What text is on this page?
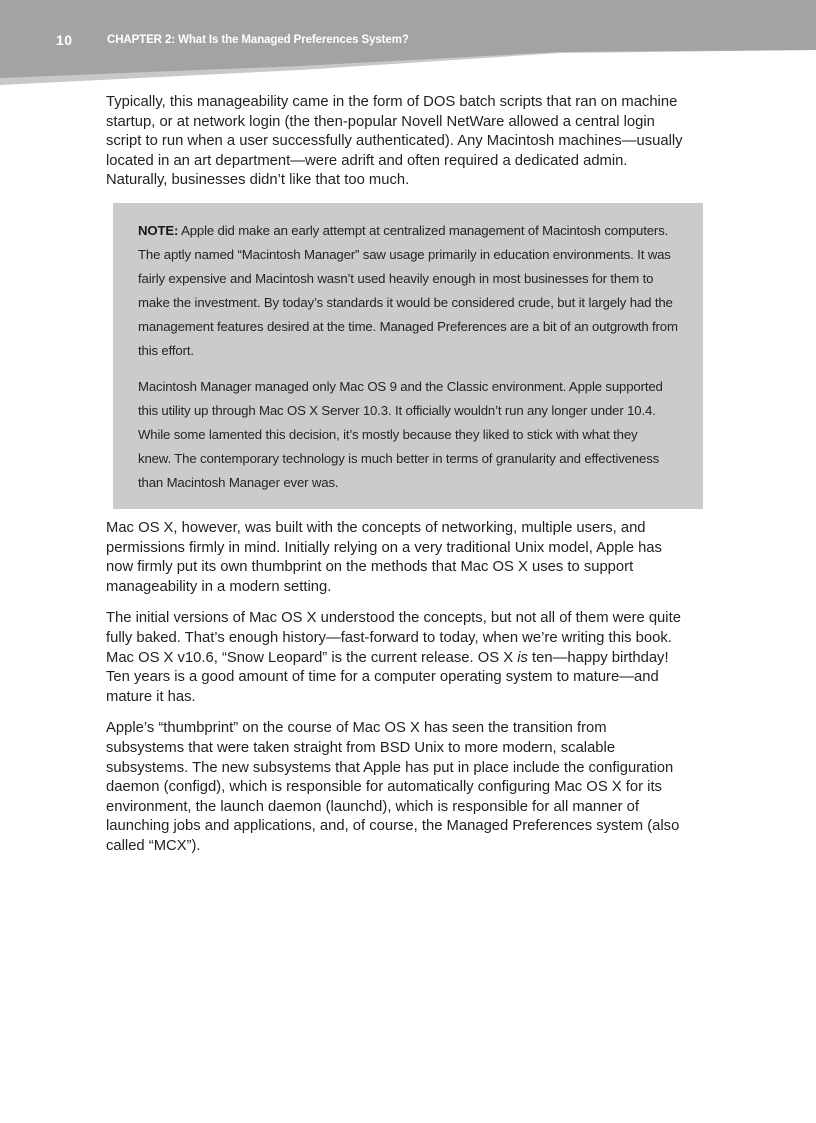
10	CHAPTER 2: What Is the Managed Preferences System?
Typically, this manageability came in the form of DOS batch scripts that ran on machine
startup, or at network login (the then-popular Novell NetWare allowed a central login
script to run when a user successfully authenticated). Any Macintosh machines—usually
located in an art department—were adrift and often required a dedicated admin.
Naturally, businesses didn’t like that too much.
NOTE: Apple did make an early attempt at centralized management of Macintosh computers.
The aptly named “Macintosh Manager” saw usage primarily in education environments. It was
fairly expensive and Macintosh wasn’t used heavily enough in most businesses for them to
make the investment. By today’s standards it would be considered crude, but it largely had the
management features desired at the time. Managed Preferences are a bit of an outgrowth from
this effort.
Macintosh Manager managed only Mac OS 9 and the Classic environment. Apple supported
this utility up through Mac OS X Server 10.3. It officially wouldn’t run any longer under 10.4.
While some lamented this decision, it’s mostly because they liked to stick with what they
knew. The contemporary technology is much better in terms of granularity and effectiveness
than Macintosh Manager ever was.
Mac OS X, however, was built with the concepts of networking, multiple users, and
permissions firmly in mind. Initially relying on a very traditional Unix model, Apple has
now firmly put its own thumbprint on the methods that Mac OS X uses to support
manageability in a modern setting.
The initial versions of Mac OS X understood the concepts, but not all of them were quite
fully baked. That’s enough history—fast-forward to today, when we’re writing this book.
Mac OS X v10.6, “Snow Leopard” is the current release. OS X is ten—happy birthday!
Ten years is a good amount of time for a computer operating system to mature—and
mature it has.
Apple’s “thumbprint” on the course of Mac OS X has seen the transition from
subsystems that were taken straight from BSD Unix to more modern, scalable
subsystems. The new subsystems that Apple has put in place include the configuration
daemon (configd), which is responsible for automatically configuring Mac OS X for its
environment, the launch daemon (launchd), which is responsible for all manner of
launching jobs and applications, and, of course, the Managed Preferences system (also
called “MCX”).
